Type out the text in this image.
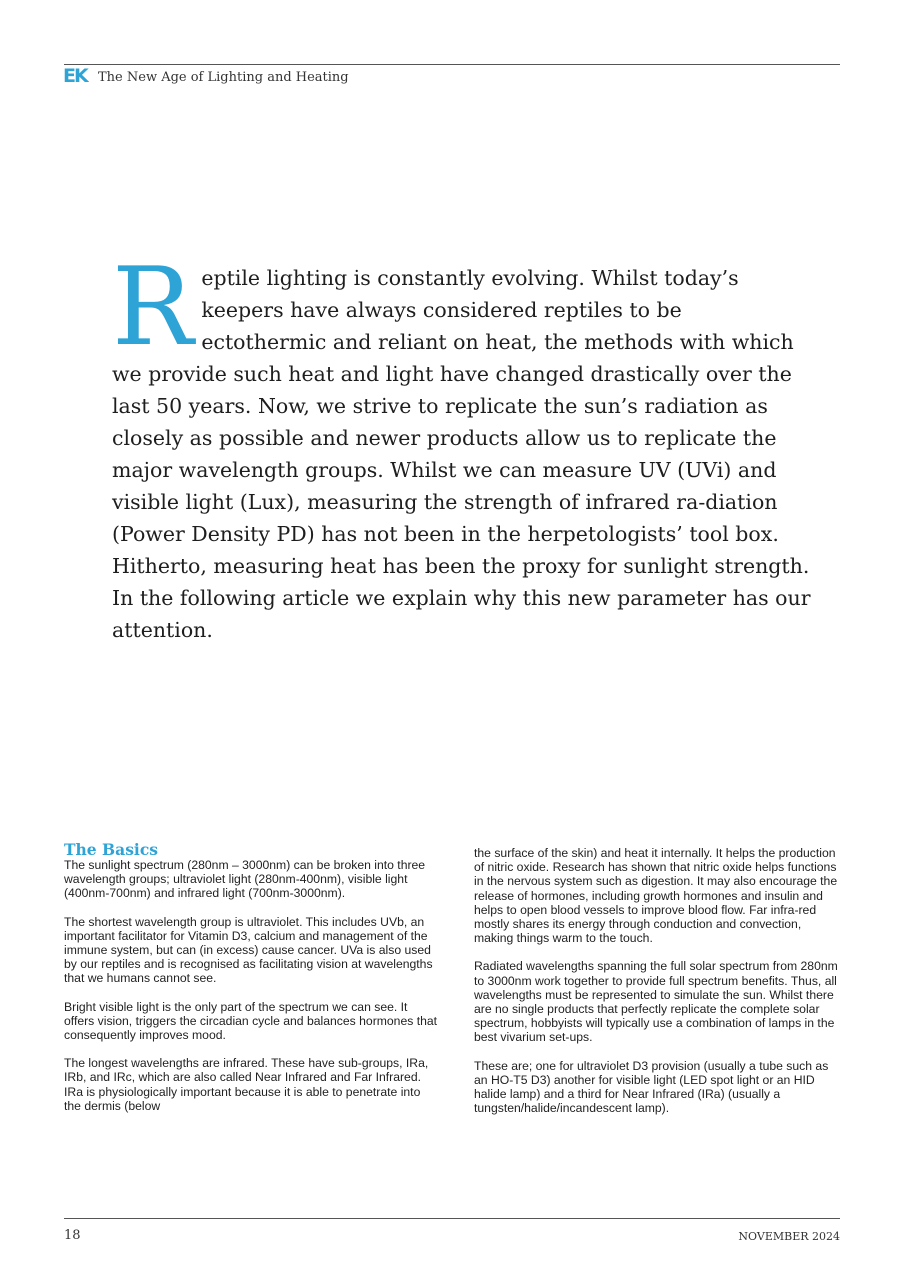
EK The New Age of Lighting and Heating

Reptile lighting is constantly evolving. Whilst today’s keepers have always considered reptiles to be ectothermic and reliant on heat, the methods with which we provide such heat and light have changed drastically over the last 50 years. Now, we strive to replicate the sun’s radiation as closely as possible and newer products allow us to replicate the major wavelength groups. Whilst we can measure UV (UVi) and visible light (Lux), measuring the strength of infrared ra-diation (Power Density PD) has not been in the herpetologists’ tool box. Hitherto, measuring heat has been the proxy for sunlight strength. In the following article we explain why this new parameter has our attention.

The Basics

The sunlight spectrum (280nm – 3000nm) can be broken into three wavelength groups; ultraviolet light (280nm-400nm), visible light (400nm-700nm) and infrared light (700nm-3000nm).

The shortest wavelength group is ultraviolet. This includes UVb, an important facilitator for Vitamin D3, calcium and management of the immune system, but can (in excess) cause cancer. UVa is also used by our reptiles and is recognised as facilitating vision at wavelengths that we humans cannot see.

Bright visible light is the only part of the spectrum we can see. It offers vision, triggers the circadian cycle and balances hormones that consequently improves mood.

The longest wavelengths are infrared. These have sub-groups, IRa, IRb, and IRc, which are also called Near Infrared and Far Infrared. IRa is physiologically important because it is able to penetrate into the dermis (below

the surface of the skin) and heat it internally. It helps the production of nitric oxide. Research has shown that nitric oxide helps functions in the nervous system such as digestion. It may also encourage the release of hormones, including growth hormones and insulin and helps to open blood vessels to improve blood flow. Far infra-red mostly shares its energy through conduction and convection, making things warm to the touch.

Radiated wavelengths spanning the full solar spectrum from 280nm to 3000nm work together to provide full spectrum benefits. Thus, all wavelengths must be represented to simulate the sun. Whilst there are no single products that perfectly replicate the complete solar spectrum, hobbyists will typically use a combination of lamps in the best vivarium set-ups.

These are; one for ultraviolet D3 provision (usually a tube such as an HO-T5 D3) another for visible light (LED spot light or an HID halide lamp) and a third for Near Infrared (IRa) (usually a tungsten/halide/incandescent lamp).

18	NOVEMBER 2024
